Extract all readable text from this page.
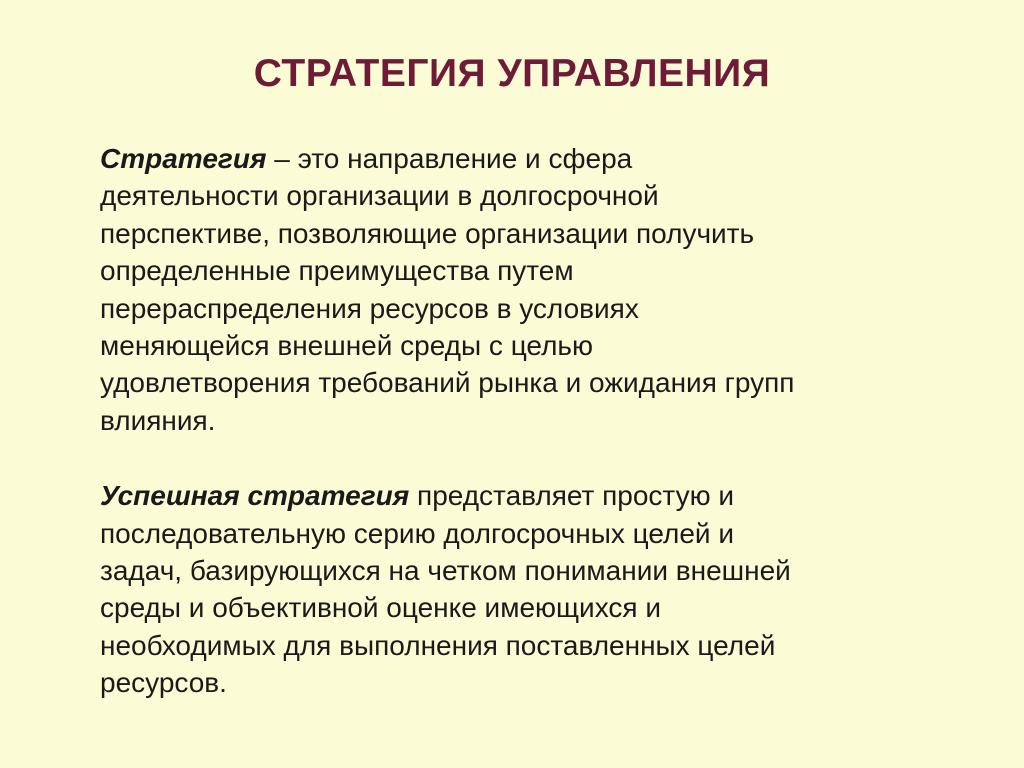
СТРАТЕГИЯ УПРАВЛЕНИЯ

Стратегия – это направление и сфера
деятельности организации в долгосрочной
перспективе, позволяющие организации получить
определенные преимущества путем
перераспределения ресурсов в условиях
меняющейся внешней среды с целью
удовлетворения требований рынка и ожидания групп
влияния.

Успешная стратегия представляет простую и
последовательную серию долгосрочных целей и
задач, базирующихся на четком понимании внешней
среды и объективной оценке имеющихся и
необходимых для выполнения поставленных целей
ресурсов.
